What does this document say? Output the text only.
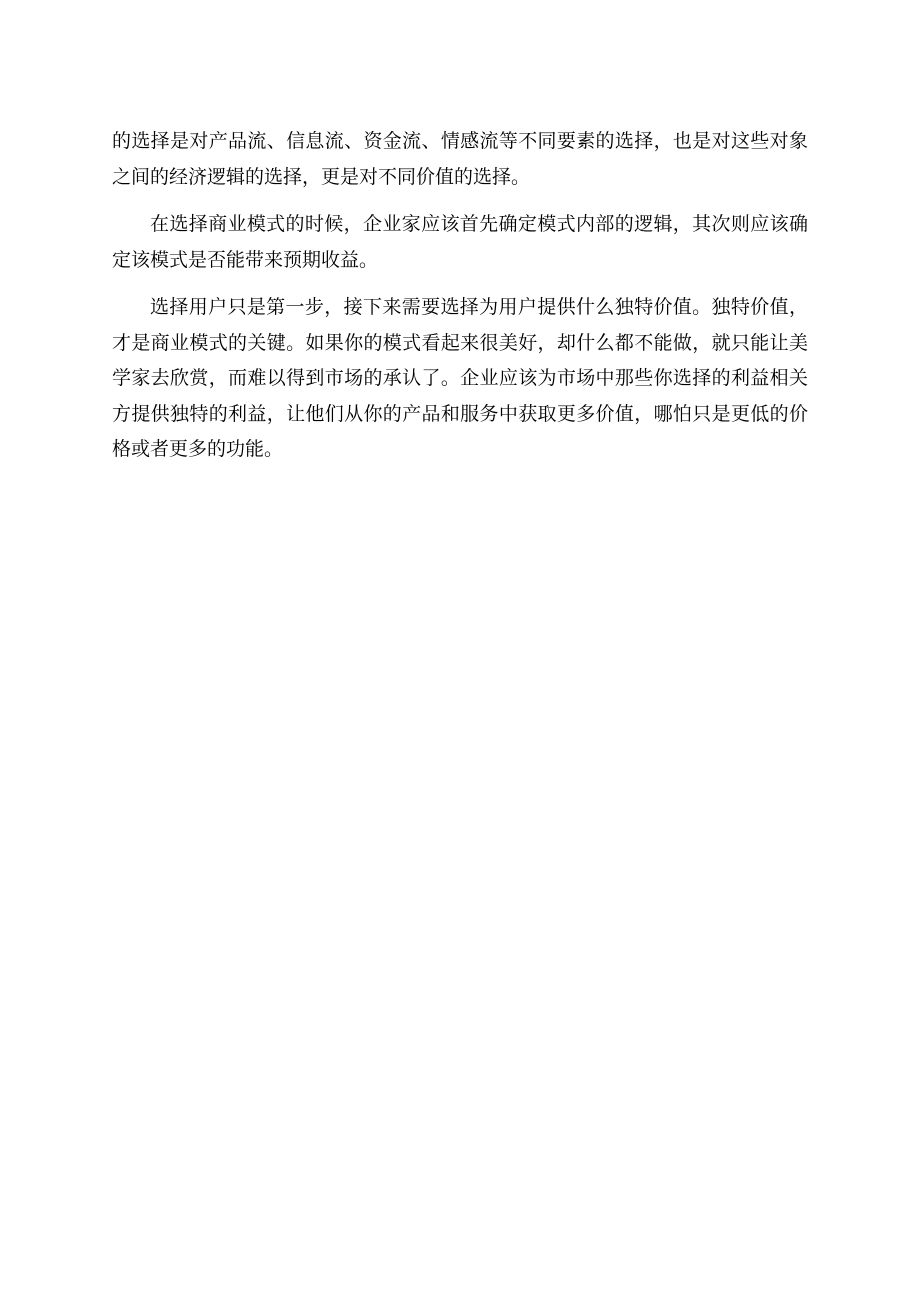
的选择是对产品流、信息流、资金流、情感流等不同要素的选择，也是对这些对象之间的经济逻辑的选择，更是对不同价值的选择。

在选择商业模式的时候，企业家应该首先确定模式内部的逻辑，其次则应该确定该模式是否能带来预期收益。

选择用户只是第一步，接下来需要选择为用户提供什么独特价值。独特价值，才是商业模式的关键。如果你的模式看起来很美好，却什么都不能做，就只能让美学家去欣赏，而难以得到市场的承认了。企业应该为市场中那些你选择的利益相关方提供独特的利益，让他们从你的产品和服务中获取更多价值，哪怕只是更低的价格或者更多的功能。
